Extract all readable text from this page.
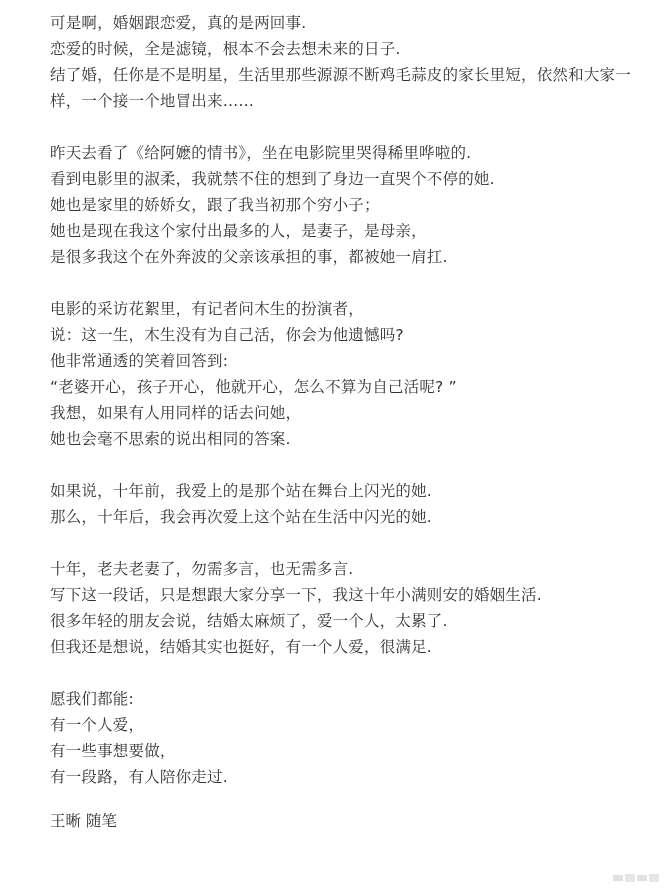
可是啊，婚姻跟恋爱，真的是两回事.
恋爱的时候，全是滤镜，根本不会去想未来的日子.
结了婚，任你是不是明星，生活里那些源源不断鸡毛蒜皮的家长里短，依然和大家一样，一个接一个地冒出来……
昨天去看了《给阿嬷的情书》，坐在电影院里哭得稀里哗啦的.
看到电影里的淑柔，我就禁不住的想到了身边一直哭个不停的她.
她也是家里的娇娇女，跟了我当初那个穷小子；
她也是现在我这个家付出最多的人，是妻子，是母亲，
是很多我这个在外奔波的父亲该承担的事，都被她一肩扛.
电影的采访花絮里，有记者问木生的扮演者，
说：这一生，木生没有为自己活，你会为他遗憾吗?
他非常通透的笑着回答到:
“老婆开心，孩子开心，他就开心，怎么不算为自己活呢? ”
我想，如果有人用同样的话去问她，
她也会毫不思索的说出相同的答案.
如果说，十年前，我爱上的是那个站在舞台上闪光的她.
那么，十年后，我会再次爱上这个站在生活中闪光的她.
十年，老夫老妻了，勿需多言，也无需多言.
写下这一段话，只是想跟大家分享一下，我这十年小满则安的婚姻生活.
很多年轻的朋友会说，结婚太麻烦了，爱一个人，太累了.
但我还是想说，结婚其实也挺好，有一个人爱，很满足.
愿我们都能:
有一个人爱，
有一些事想要做，
有一段路，有人陪你走过.
王晰 随笔
